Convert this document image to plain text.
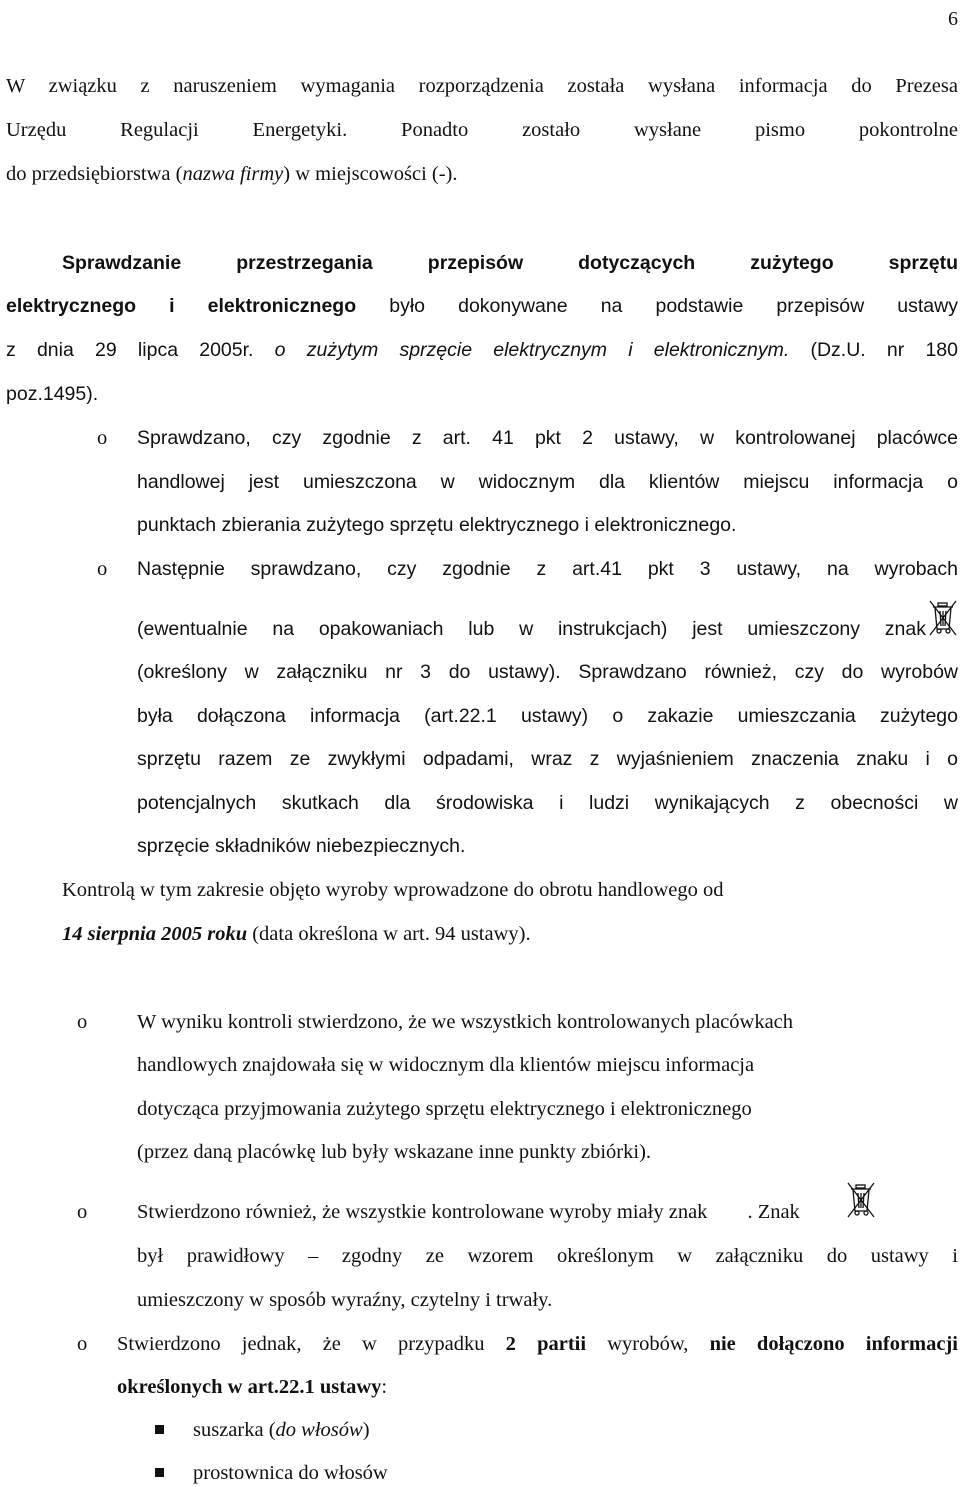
6
W związku z naruszeniem wymagania rozporządzenia została wysłana informacja do Prezesa
Urzędu Regulacji Energetyki. Ponadto zostało wysłane pismo pokontrolne
do przedsiębiorstwa (nazwa firmy) w miejscowości (-).
Sprawdzanie przestrzegania przepisów dotyczących zużytego sprzętu
elektrycznego i elektronicznego było dokonywane na podstawie przepisów ustawy
z dnia 29 lipca 2005r. o zużytym sprzęcie elektrycznym i elektronicznym. (Dz.U. nr 180
poz.1495).
o Sprawdzano, czy zgodnie z art. 41 pkt 2 ustawy, w kontrolowanej placówce
handlowej jest umieszczona w widocznym dla klientów miejscu informacja o
punktach zbierania zużytego sprzętu elektrycznego i elektronicznego.
o Następnie sprawdzano, czy zgodnie z art.41 pkt 3 ustawy, na wyrobach
(ewentualnie na opakowaniach lub w instrukcjach) jest umieszczony znak
(określony w załączniku nr 3 do ustawy). Sprawdzano również, czy do wyrobów
była dołączona informacja (art.22.1 ustawy) o zakazie umieszczania zużytego
sprzętu razem ze zwykłymi odpadami, wraz z wyjaśnieniem znaczenia znaku i o
potencjalnych skutkach dla środowiska i ludzi wynikających z obecności w
sprzęcie składników niebezpiecznych.
Kontrolą w tym zakresie objęto wyroby wprowadzone do obrotu handlowego od
14 sierpnia 2005 roku (data określona w art. 94 ustawy).
o W wyniku kontroli stwierdzono, że we wszystkich kontrolowanych placówkach
handlowych znajdowała się w widocznym dla klientów miejscu informacja
dotycząca przyjmowania zużytego sprzętu elektrycznego i elektronicznego
(przez daną placówkę lub były wskazane inne punkty zbiórki).
o Stwierdzono również, że wszystkie kontrolowane wyroby miały znak . Znak
był prawidłowy – zgodny ze wzorem określonym w załączniku do ustawy i
umieszczony w sposób wyraźny, czytelny i trwały.
o Stwierdzono jednak, że w przypadku 2 partii wyrobów, nie dołączono informacji
określonych w art.22.1 ustawy:
suszarka (do włosów)
prostownica do włosów
